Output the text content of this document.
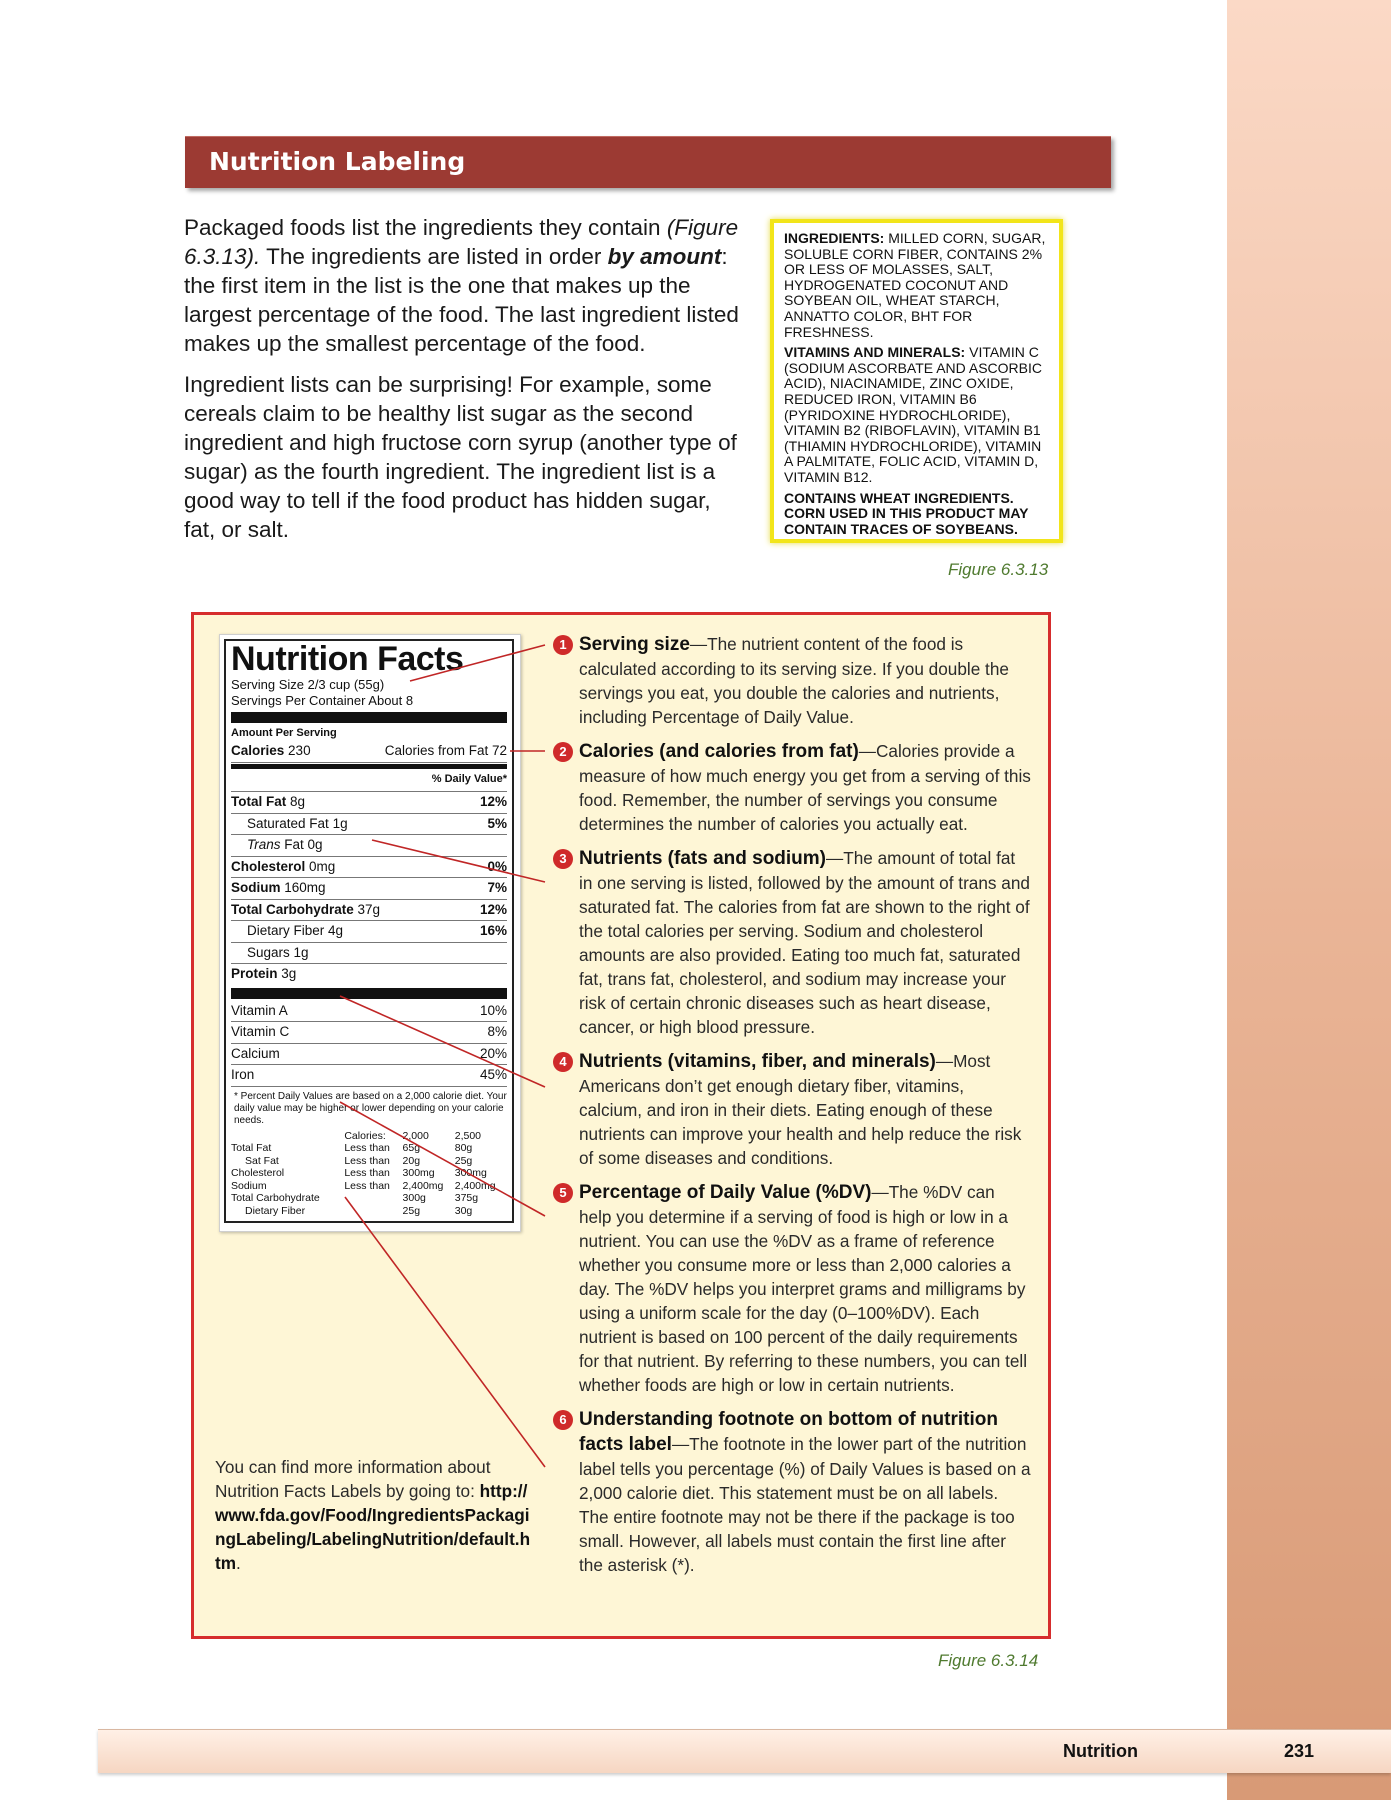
Nutrition Labeling

Packaged foods list the ingredients they contain (Figure 6.3.13). The ingredients are listed in order by amount: the first item in the list is the one that makes up the largest percentage of the food. The last ingredient listed makes up the smallest percentage of the food.

Ingredient lists can be surprising! For example, some cereals claim to be healthy list sugar as the second ingredient and high fructose corn syrup (another type of sugar) as the fourth ingredient. The ingredient list is a good way to tell if the food product has hidden sugar, fat, or salt.

INGREDIENTS: MILLED CORN, SUGAR, SOLUBLE CORN FIBER, CONTAINS 2% OR LESS OF MOLASSES, SALT, HYDROGENATED COCONUT AND SOYBEAN OIL, WHEAT STARCH, ANNATTO COLOR, BHT FOR FRESHNESS.

VITAMINS AND MINERALS: VITAMIN C (SODIUM ASCORBATE AND ASCORBIC ACID), NIACINAMIDE, ZINC OXIDE, REDUCED IRON, VITAMIN B6 (PYRIDOXINE HYDROCHLORIDE), VITAMIN B2 (RIBOFLAVIN), VITAMIN B1 (THIAMIN HYDROCHLORIDE), VITAMIN A PALMITATE, FOLIC ACID, VITAMIN D, VITAMIN B12.

CONTAINS WHEAT INGREDIENTS. CORN USED IN THIS PRODUCT MAY CONTAIN TRACES OF SOYBEANS.

Figure 6.3.13
Nutrition Facts
Serving Size 2/3 cup (55g)
Servings Per Container About 8
Amount Per Serving
Calories 230	Calories from Fat 72
% Daily Value*
Total Fat 8g	12%
Saturated Fat 1g	5%
Trans Fat 0g
Cholesterol 0mg	0%
Sodium 160mg	7%
Total Carbohydrate 37g	12%
Dietary Fiber 4g	16%
Sugars 1g
Protein 3g
Vitamin A	10%
Vitamin C	8%
Calcium	20%
Iron	45%
* Percent Daily Values are based on a 2,000 calorie diet. Your daily value may be higher or lower depending on your calorie needs.
	Calories:	2,000	2,500
Total Fat	Less than	65g	80g
Sat Fat	Less than	20g	25g
Cholesterol	Less than	300mg	300mg
Sodium	Less than	2,400mg	2,400mg
Total Carbohydrate		300g	375g
Dietary Fiber		25g	30g
1 Serving size—The nutrient content of the food is calculated according to its serving size. If you double the servings you eat, you double the calories and nutrients, including Percentage of Daily Value.
2 Calories (and calories from fat)—Calories provide a measure of how much energy you get from a serving of this food. Remember, the number of servings you consume determines the number of calories you actually eat.
3 Nutrients (fats and sodium)—The amount of total fat in one serving is listed, followed by the amount of trans and saturated fat. The calories from fat are shown to the right of the total calories per serving. Sodium and cholesterol amounts are also provided. Eating too much fat, saturated fat, trans fat, cholesterol, and sodium may increase your risk of certain chronic diseases such as heart disease, cancer, or high blood pressure.
4 Nutrients (vitamins, fiber, and minerals)—Most Americans don’t get enough dietary fiber, vitamins, calcium, and iron in their diets. Eating enough of these nutrients can improve your health and help reduce the risk of some diseases and conditions.
5 Percentage of Daily Value (%DV)—The %DV can help you determine if a serving of food is high or low in a nutrient. You can use the %DV as a frame of reference whether you consume more or less than 2,000 calories a day. The %DV helps you interpret grams and milligrams by using a uniform scale for the day (0–100%DV). Each nutrient is based on 100 percent of the daily requirements for that nutrient. By referring to these numbers, you can tell whether foods are high or low in certain nutrients.
6 Understanding footnote on bottom of nutrition facts label—The footnote in the lower part of the nutrition label tells you percentage (%) of Daily Values is based on a 2,000 calorie diet. This statement must be on all labels. The entire footnote may not be there if the package is too small. However, all labels must contain the first line after the asterisk (*).
You can find more information about Nutrition Facts Labels by going to: http://www.fda.gov/Food/IngredientsPackagingLabeling/LabelingNutrition/default.htm.
Figure 6.3.14
Nutrition	231
